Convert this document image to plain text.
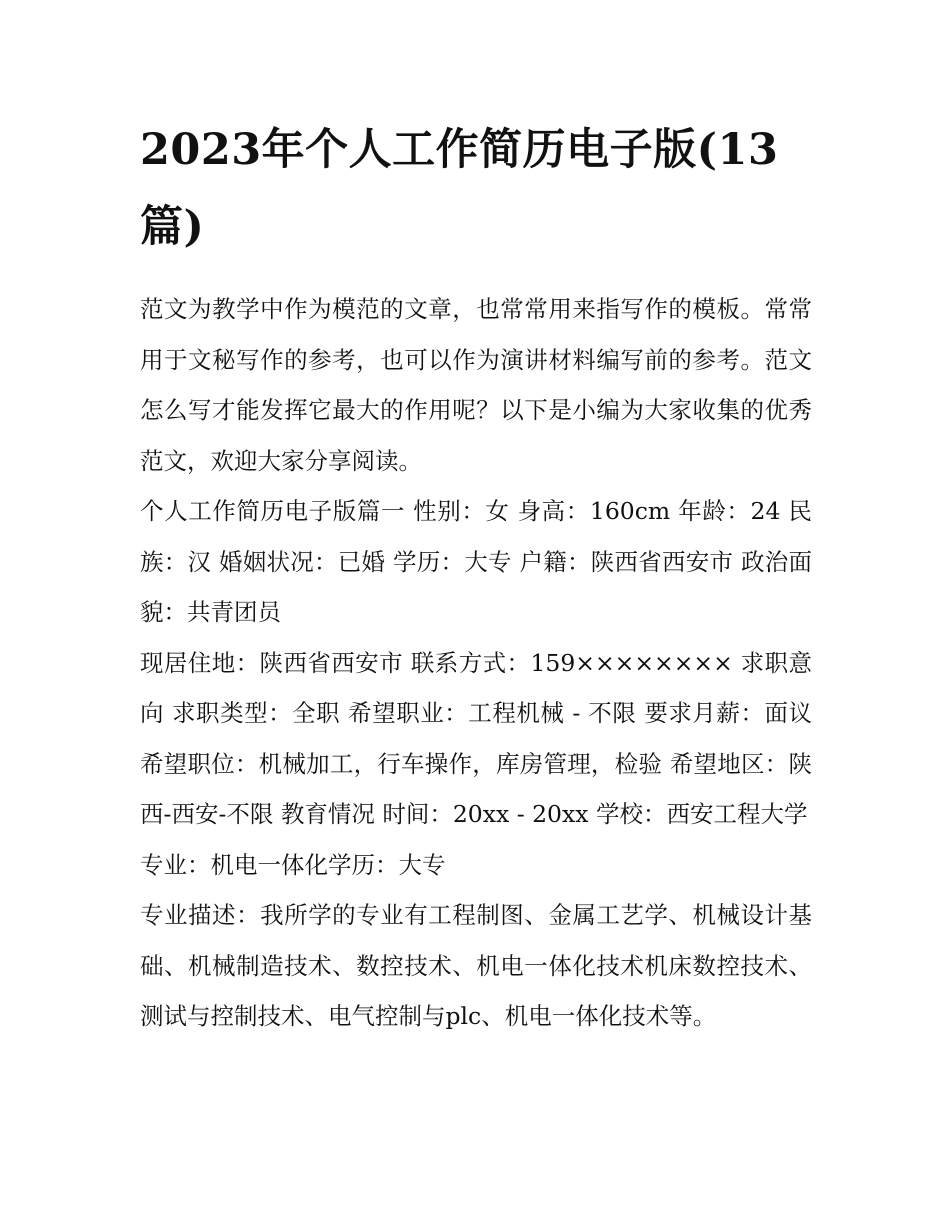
2023年个人工作简历电子版(13篇)

范文为教学中作为模范的文章，也常常用来指写作的模板。常常用于文秘写作的参考，也可以作为演讲材料编写前的参考。范文怎么写才能发挥它最大的作用呢？以下是小编为大家收集的优秀范文，欢迎大家分享阅读。

个人工作简历电子版篇一 性别：女 身高：160cm 年龄：24 民族：汉 婚姻状况：已婚 学历：大专 户籍：陕西省西安市 政治面貌：共青团员

现居住地：陕西省西安市 联系方式：159×××××××× 求职意向 求职类型：全职 希望职业：工程机械 - 不限 要求月薪：面议 希望职位：机械加工，行车操作，库房管理，检验 希望地区：陕西-西安-不限 教育情况 时间：20xx - 20xx 学校：西安工程大学

专业：机电一体化学历：大专

专业描述：我所学的专业有工程制图、金属工艺学、机械设计基础、机械制造技术、数控技术、机电一体化技术机床数控技术、测试与控制技术、电气控制与plc、机电一体化技术等。
